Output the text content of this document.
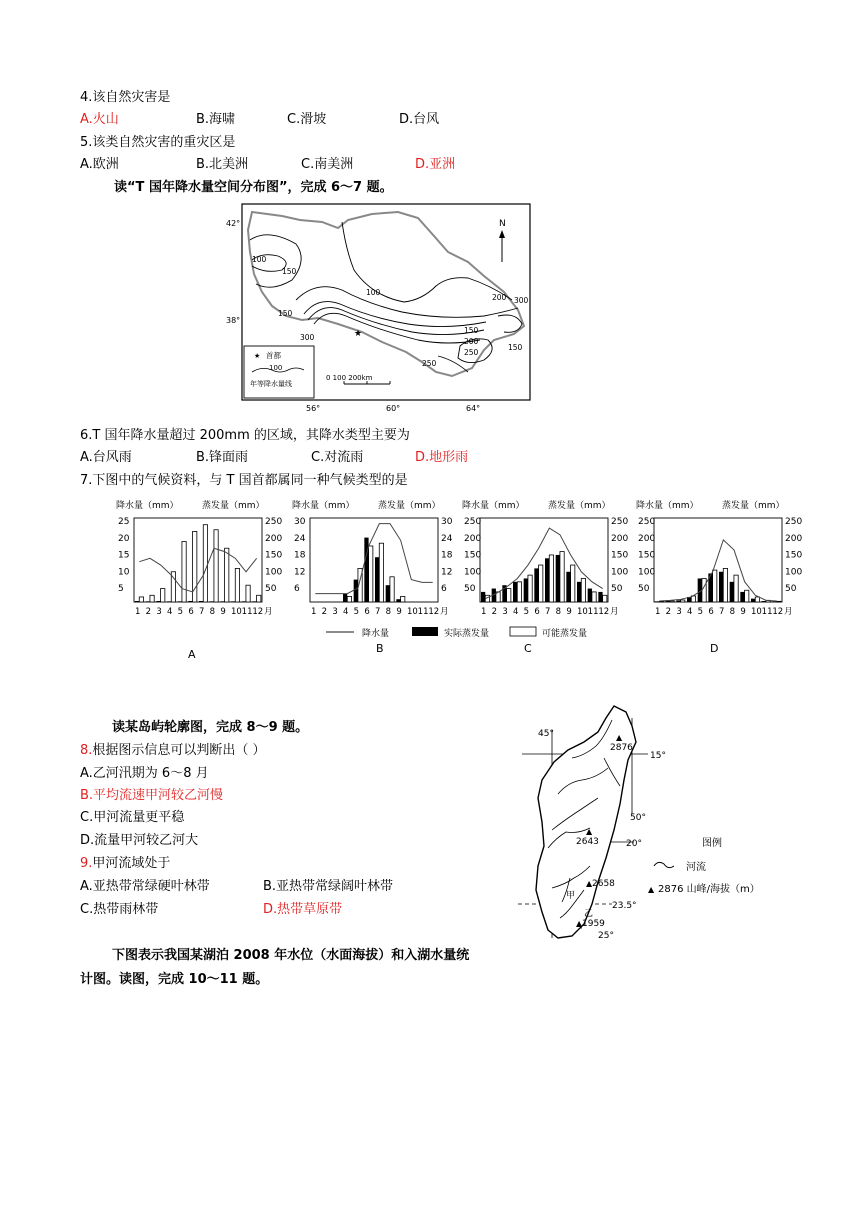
4.该自然灾害是
A.火山	B.海啸	C.滑坡	D.台风
5.该类自然灾害的重灾区是
A.欧洲	B.北美洲	C.南美洲	D.亚洲
读“T 国年降水量空间分布图”，完成 6～7 题。
42°
38°
56°	60°	64°
100
150
100
200 300
150
150
200
250
150
300
250
★
N
★ 首都
100
年等降水量线
0 100 200km
6.T 国年降水量超过 200mm 的区域，其降水类型主要为
A.台风雨	B.锋面雨	C.对流雨	D.地形雨
7.下图中的气候资料，与 T 国首都属同一种气候类型的是
降水量（mm）	蒸发量（mm）
25
20
15
10
5
250
200
150
100
50
1 2 3 4 5 6 7 8 9 10 11 12 月
降水量（mm）	蒸发量（mm）
30
24
18
12
6
30
24
18
12
6
1 2 3 4 5 6 7 8 9 10 11 12 月
降水量（mm）	蒸发量（mm）
250
200
150
100
50
250
200
150
100
50
1 2 3 4 5 6 7 8 9 10 11 12 月
降水量（mm）	蒸发量（mm）
250
200
150
100
50
250
200
150
100
50
1 2 3 4 5 6 7 8 9 10 11 12 月
A	B	C	D
降水量	实际蒸发量	可能蒸发量
读某岛屿轮廓图，完成 8～9 题。
8.根据图示信息可以判断出（ ）
A.乙河汛期为 6～8 月
B.平均流速甲河较乙河慢
C.甲河流量更平稳
D.流量甲河较乙河大
9.甲河流域处于
A.亚热带常绿硬叶林带	B.亚热带常绿阔叶林带
C.热带雨林带	D.热带草原带
45°
15°
50°
20°
23.5°
25°
▲
2876
▲
2643
▲ 2658
▲ 1959
甲
乙
图例
河流
▲ 2876 山峰/海拔（m）
下图表示我国某湖泊 2008 年水位（水面海拔）和入湖水量统
计图。读图，完成 10～11 题。
